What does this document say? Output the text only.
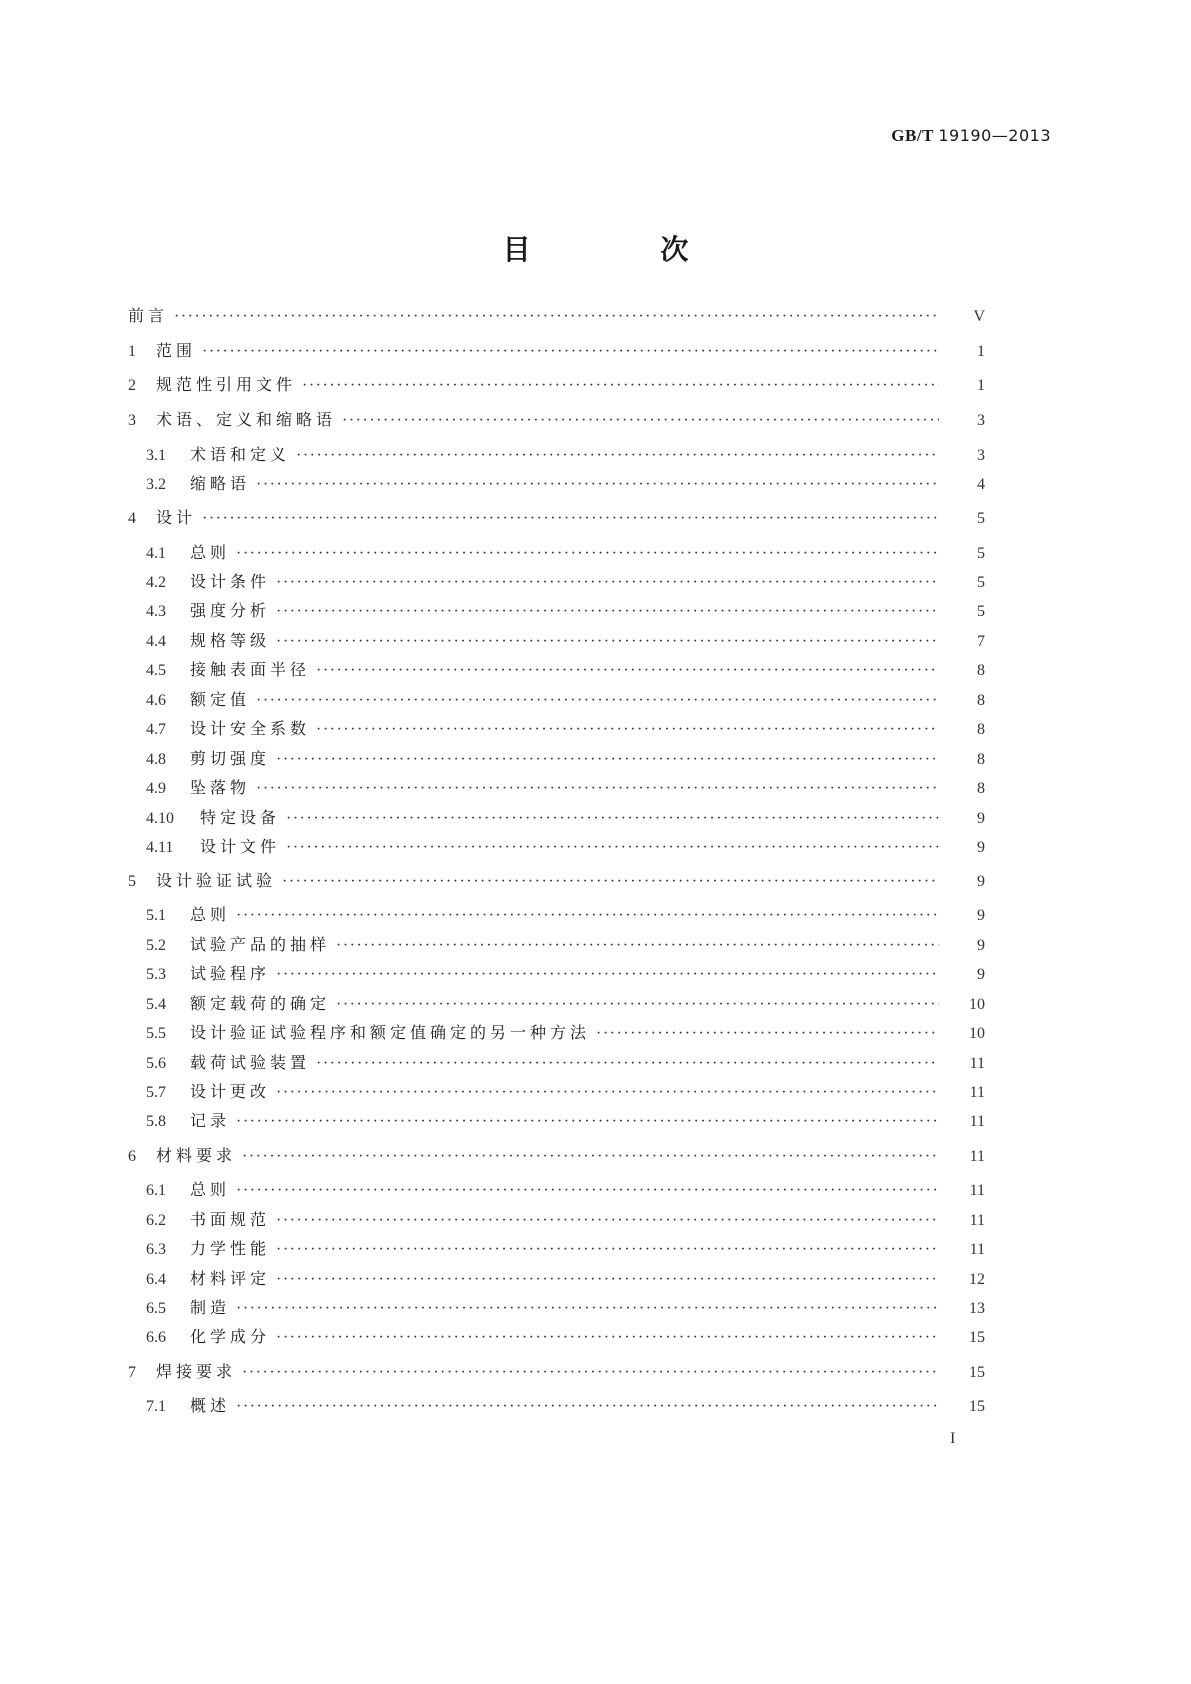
GB/T 19190—2013
目 次
前言 ·····	V
1	范围 ·····	1
2	规范性引用文件 ·····	1
3	术语、定义和缩略语 ·····	3
3.1	术语和定义 ·····	3
3.2	缩略语 ·····	4
4	设计 ·····	5
4.1	总则 ·····	5
4.2	设计条件 ·····	5
4.3	强度分析 ·····	5
4.4	规格等级 ·····	7
4.5	接触表面半径 ·····	8
4.6	额定值 ·····	8
4.7	设计安全系数 ·····	8
4.8	剪切强度 ·····	8
4.9	坠落物 ·····	8
4.10	特定设备 ·····	9
4.11	设计文件 ·····	9
5	设计验证试验 ·····	9
5.1	总则 ·····	9
5.2	试验产品的抽样 ·····	9
5.3	试验程序 ·····	9
5.4	额定载荷的确定 ·····	10
5.5	设计验证试验程序和额定值确定的另一种方法 ·····	10
5.6	载荷试验装置 ·····	11
5.7	设计更改 ·····	11
5.8	记录 ·····	11
6	材料要求 ·····	11
6.1	总则 ·····	11
6.2	书面规范 ·····	11
6.3	力学性能 ·····	11
6.4	材料评定 ·····	12
6.5	制造 ·····	13
6.6	化学成分 ·····	15
7	焊接要求 ·····	15
7.1	概述 ·····	15
I
